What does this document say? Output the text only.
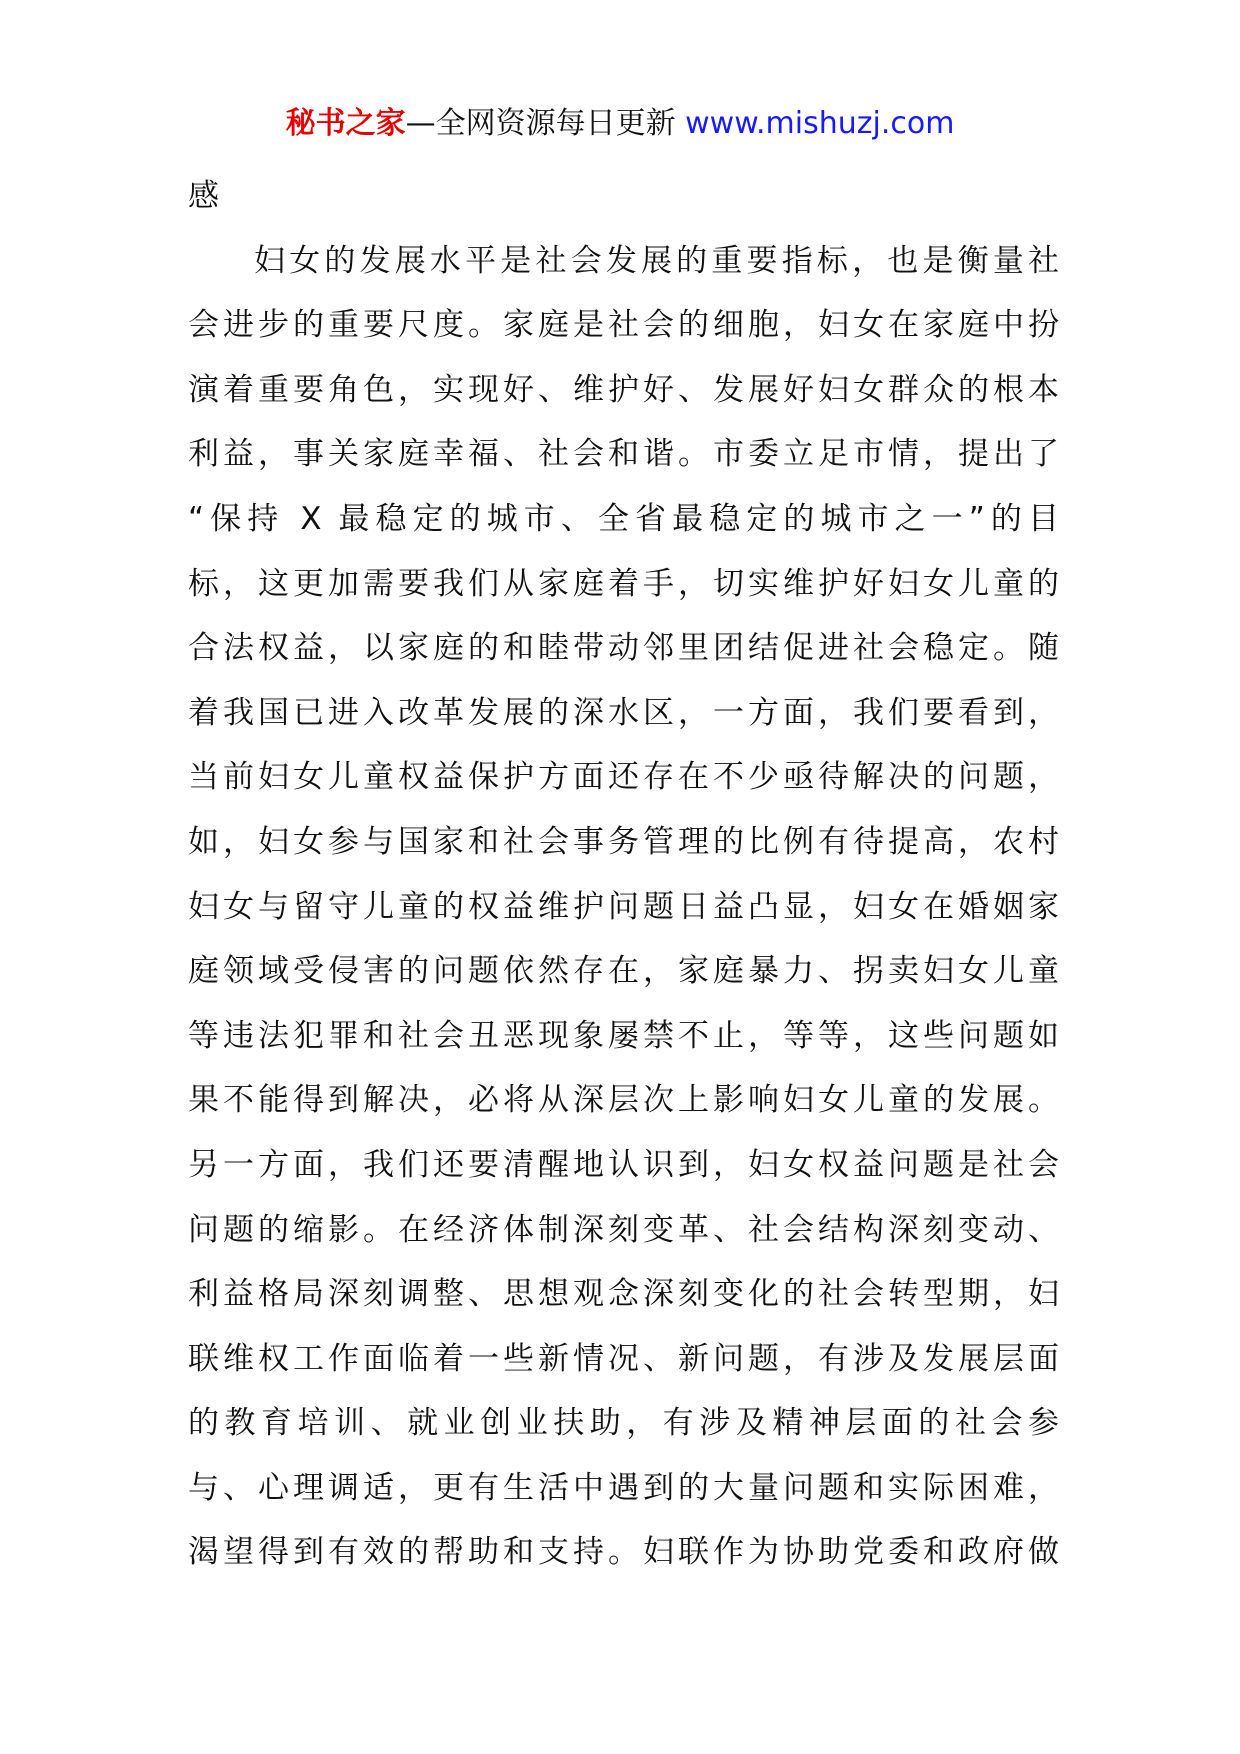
秘书之家—全网资源每日更新 www.mishuzj.com
感
妇女的发展水平是社会发展的重要指标，也是衡量社
会进步的重要尺度。家庭是社会的细胞，妇女在家庭中扮
演着重要角色，实现好、维护好、发展好妇女群众的根本
利益，事关家庭幸福、社会和谐。市委立足市情，提出了
“保持 X 最稳定的城市、全省最稳定的城市之一”的目
标，这更加需要我们从家庭着手，切实维护好妇女儿童的
合法权益，以家庭的和睦带动邻里团结促进社会稳定。随
着我国已进入改革发展的深水区，一方面，我们要看到，
当前妇女儿童权益保护方面还存在不少亟待解决的问题，
如，妇女参与国家和社会事务管理的比例有待提高，农村
妇女与留守儿童的权益维护问题日益凸显，妇女在婚姻家
庭领域受侵害的问题依然存在，家庭暴力、拐卖妇女儿童
等违法犯罪和社会丑恶现象屡禁不止，等等，这些问题如
果不能得到解决，必将从深层次上影响妇女儿童的发展。
另一方面，我们还要清醒地认识到，妇女权益问题是社会
问题的缩影。在经济体制深刻变革、社会结构深刻变动、
利益格局深刻调整、思想观念深刻变化的社会转型期，妇
联维权工作面临着一些新情况、新问题，有涉及发展层面
的教育培训、就业创业扶助，有涉及精神层面的社会参
与、心理调适，更有生活中遇到的大量问题和实际困难，
渴望得到有效的帮助和支持。妇联作为协助党委和政府做
